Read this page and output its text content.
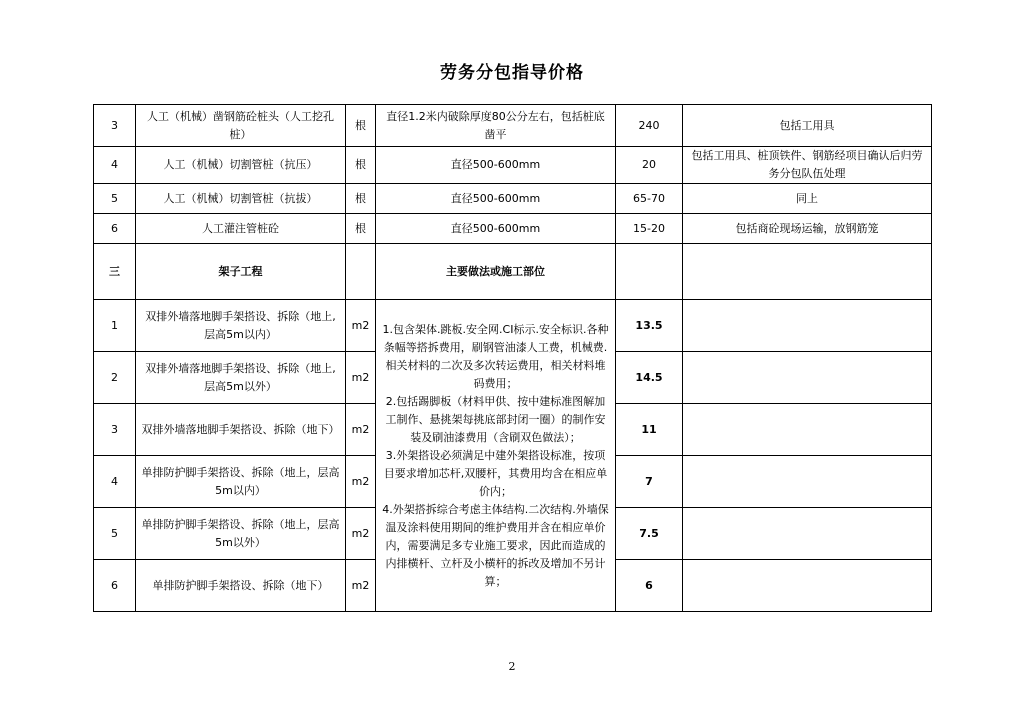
劳务分包指导价格
3	人工（机械）凿钢筋砼桩头（人工挖孔桩）	根	直径1.2米内破除厚度80公分左右，包括桩底凿平	240	包括工用具
4	人工（机械）切割管桩（抗压）	根	直径500-600mm	20	包括工用具、桩顶铁件、钢筋经项目确认后归劳务分包队伍处理
5	人工（机械）切割管桩（抗拔）	根	直径500-600mm	65-70	同上
6	人工灌注管桩砼	根	直径500-600mm	15-20	包括商砼现场运输，放钢筋笼
三	架子工程		主要做法或施工部位		
1	双排外墙落地脚手架搭设、拆除（地上,层高5m以内）	m2	1.包含架体.跳板.安全网.CI标示.安全标识.各种条幅等搭拆费用，刷钢管油漆人工费，机械费.相关材料的二次及多次转运费用，相关材料堆码费用；
2.包括踢脚板（材料甲供、按中建标准图解加工制作、悬挑架每挑底部封闭一圈）的制作安装及刷油漆费用（含刷双色做法）；
3.外架搭设必须满足中建外架搭设标准，按项目要求增加芯杆,双腰杆，其费用均含在相应单价内；
4.外架搭拆综合考虑主体结构.二次结构.外墙保温及涂料使用期间的维护费用并含在相应单价内，需要满足多专业施工要求，因此而造成的内排横杆、立杆及小横杆的拆改及增加不另计算；	13.5	
2	双排外墙落地脚手架搭设、拆除（地上,层高5m以外）	m2		14.5	
3	双排外墙落地脚手架搭设、拆除（地下）	m2		11	
4	单排防护脚手架搭设、拆除（地上，层高5m以内）	m2		7	
5	单排防护脚手架搭设、拆除（地上，层高5m以外）	m2		7.5	
6	单排防护脚手架搭设、拆除（地下）	m2		6	
2
